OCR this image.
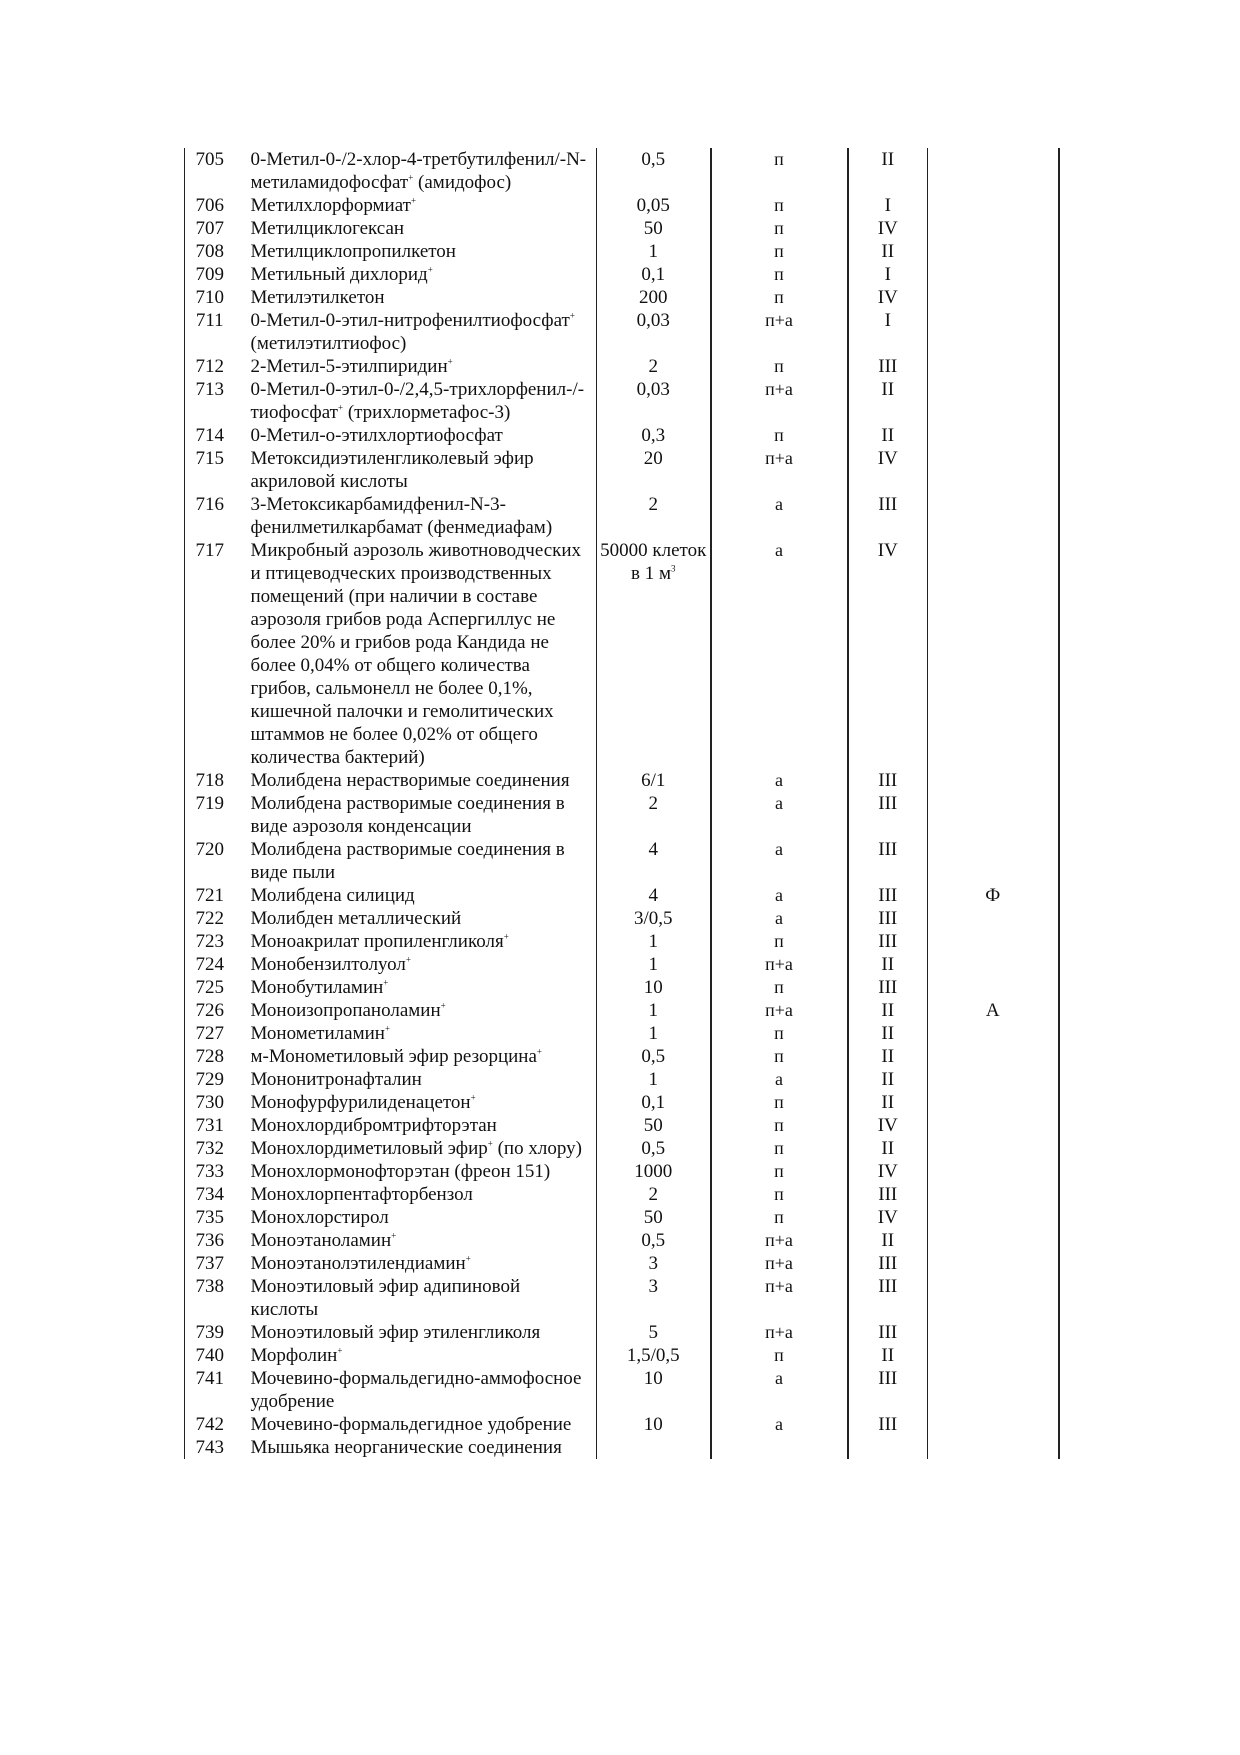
705	0-Метил-0-/2-хлор-4-третбутилфенил/-N-метиламидофосфат+ (амидофос)	0,5	п	II	
706	Метилхлорформиат+	0,05	п	I	
707	Метилциклогексан	50	п	IV	
708	Метилциклопропилкетон	1	п	II	
709	Метильный дихлорид+	0,1	п	I	
710	Метилэтилкетон	200	п	IV	
711	0-Метил-0-этил-нитрофенилтиофосфат+ (метилэтилтиофос)	0,03	п+а	I	
712	2-Метил-5-этилпиридин+	2	п	III	
713	0-Метил-0-этил-0-/2,4,5-трихлорфенил-/-тиофосфат+ (трихлорметафос-3)	0,03	п+а	II	
714	0-Метил-о-этилхлортиофосфат	0,3	п	II	
715	Метоксидиэтиленгликолевый эфир акриловой кислоты	20	п+а	IV	
716	3-Метоксикарбамидфенил-N-3-фенилметилкарбамат (фенмедиафам)	2	а	III	
717	Микробный аэрозоль животноводческих и птицеводческих производственных помещений (при наличии в составе аэрозоля грибов рода Аспергиллус не более 20% и грибов рода Кандида не более 0,04% от общего количества грибов, сальмонелл не более 0,1%, кишечной палочки и гемолитических штаммов не более 0,02% от общего количества бактерий)	50000 клеток в 1 $м^3$	а	IV	
718	Молибдена нерастворимые соединения	6/1	а	III	
719	Молибдена растворимые соединения в виде аэрозоля конденсации	2	а	III	
720	Молибдена растворимые соединения в виде пыли	4	а	III	
721	Молибдена силицид	4	а	III	Ф
722	Молибден металлический	3/0,5	а	III	
723	Моноакрилат пропиленгликоля+	1	п	III	
724	Монобензилтолуол+	1	п+а	II	
725	Монобутиламин+	10	п	III	
726	Моноизопропаноламин+	1	п+а	II	А
727	Монометиламин+	1	п	II	
728	м-Монометиловый эфир резорцина+	0,5	п	II	
729	Мононитронафталин	1	а	II	
730	Монофурфурилиденацетон+	0,1	п	II	
731	Монохлордибромтрифторэтан	50	п	IV	
732	Монохлордиметиловый эфир+ (по хлору)	0,5	п	II	
733	Монохлормонофторэтан (фреон 151)	1000	п	IV	
734	Монохлорпентафторбензол	2	п	III	
735	Монохлорстирол	50	п	IV	
736	Моноэтаноламин+	0,5	п+а	II	
737	Моноэтанолэтилендиамин+	3	п+а	III	
738	Моноэтиловый эфир адипиновой кислоты	3	п+а	III	
739	Моноэтиловый эфир этиленгликоля	5	п+а	III	
740	Морфолин+	1,5/0,5	п	II	
741	Мочевино-формальдегидно-аммофосное удобрение	10	а	III	
742	Мочевино-формальдегидное удобрение	10	а	III	
743	Мышьяка неорганические соединения				
